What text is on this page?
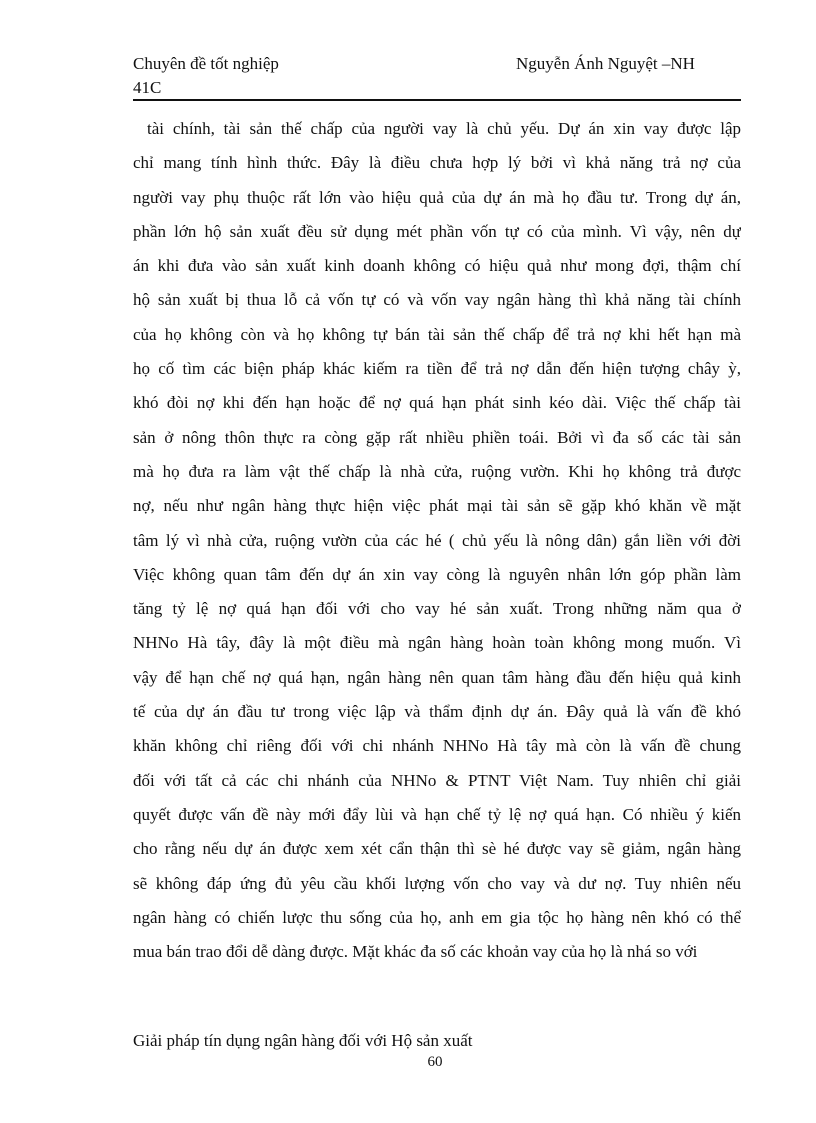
Chuyên đề tốt nghiệp
41C
Nguyễn Ánh Nguyệt –NH
tài chính, tài sản thế chấp của người vay là chủ yếu. Dự án xin vay được lập
chỉ mang tính hình thức. Đây là điều chưa hợp lý bởi vì khả năng trả nợ của
người vay phụ thuộc rất lớn vào hiệu quả của dự án mà họ đầu tư. Trong dự án,
phần lớn hộ sản xuất đều sử dụng mét phần vốn tự có của mình. Vì vậy, nên dự
án khi đưa vào sản xuất kinh doanh không có hiệu quả như mong đợi, thậm chí
hộ sản xuất bị thua lỗ cả vốn tự có và vốn vay ngân hàng thì khả năng tài chính
của họ không còn và họ không tự bán tài sản thế chấp để trả nợ khi hết hạn mà
họ cố tìm các biện pháp khác kiếm ra tiền để trả nợ dẫn đến hiện tượng chây ỳ,
khó đòi nợ khi đến hạn hoặc để nợ quá hạn phát sinh kéo dài. Việc thế chấp tài
sản ở nông thôn thực ra còng gặp rất nhiều phiền toái. Bởi vì đa số các tài sản
mà họ đưa ra làm vật thế chấp là nhà cửa, ruộng vườn. Khi họ không trả được
nợ, nếu như ngân hàng thực hiện việc phát mại tài sản sẽ gặp khó khăn về mặt
tâm lý vì nhà cửa, ruộng vườn của các hé ( chủ yếu là nông dân) gắn liền với đời
Việc không quan tâm đến dự án xin vay còng là nguyên nhân lớn góp phần làm
tăng tỷ lệ nợ quá hạn đối với cho vay hé sản xuất. Trong những năm qua ở
NHNo Hà tây, đây là một điều mà ngân hàng hoàn toàn không mong muốn. Vì
vậy để hạn chế nợ quá hạn, ngân hàng nên quan tâm hàng đầu đến hiệu quả kinh
tế của dự án đầu tư trong việc lập và thẩm định dự án. Đây quả là vấn đề khó
khăn không chỉ riêng đối với chi nhánh NHNo Hà tây mà còn là vấn đề chung
đối với tất cả các chi nhánh của NHNo & PTNT Việt Nam. Tuy nhiên chỉ giải
quyết được vấn đề này mới đẩy lùi và hạn chế tỷ lệ nợ quá hạn. Có nhiều ý kiến
cho rằng nếu dự án được xem xét cẩn thận thì sè hé được vay sẽ giảm, ngân hàng
sẽ không đáp ứng đủ yêu cầu khối lượng vốn cho vay và dư nợ. Tuy nhiên nếu
ngân hàng có chiến lược thu sống của họ, anh em gia tộc họ hàng nên khó có thể
mua bán trao đổi dễ dàng được. Mặt khác đa số các khoản vay của họ là nhá so với
Giải pháp tín dụng ngân hàng đối với Hộ sản xuất
60
